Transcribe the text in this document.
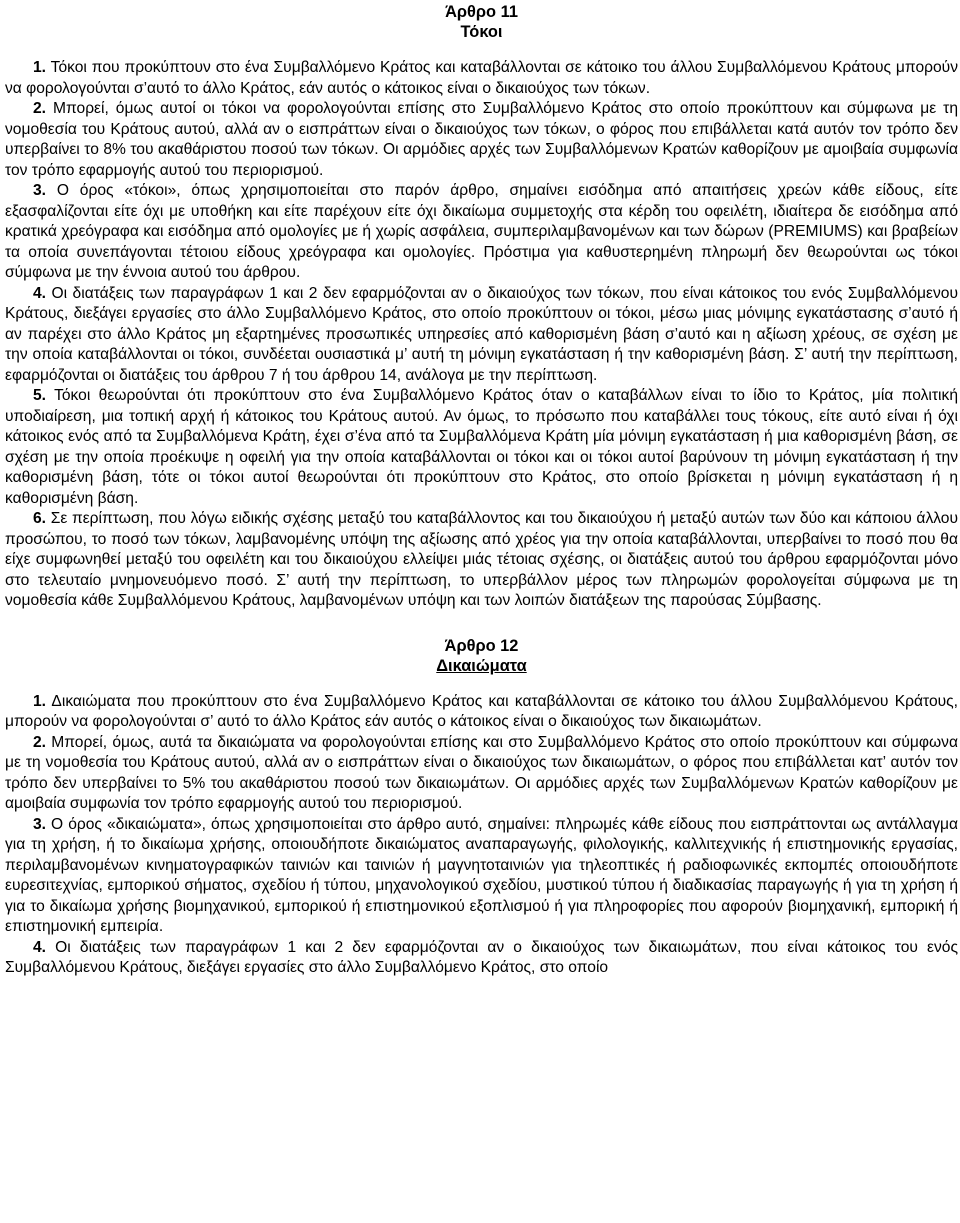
Άρθρο 11
Τόκοι

1. Τόκοι που προκύπτουν στο ένα Συμβαλλόμενο Κράτος και καταβάλλονται σε κάτοικο του άλλου Συμβαλλόμενου Κράτους μπορούν να φορολογούνται σ’αυτό το άλλο Κράτος, εάν αυτός ο κάτοικος είναι ο δικαιούχος των τόκων.

2. Μπορεί, όμως αυτοί οι τόκοι να φορολογούνται επίσης στο Συμβαλλόμενο Κράτος στο οποίο προκύπτουν και σύμφωνα με τη νομοθεσία του Κράτους αυτού, αλλά αν ο εισπράττων είναι ο δικαιούχος των τόκων, ο φόρος που επιβάλλεται κατά αυτόν τον τρόπο δεν υπερβαίνει το 8% του ακαθάριστου ποσού των τόκων. Οι αρμόδιες αρχές των Συμβαλλόμενων Κρατών καθορίζουν με αμοιβαία συμφωνία τον τρόπο εφαρμογής αυτού του περιορισμού.

3. Ο όρος «τόκοι», όπως χρησιμοποιείται στο παρόν άρθρο, σημαίνει εισόδημα από απαιτήσεις χρεών κάθε είδους, είτε εξασφαλίζονται είτε όχι με υποθήκη και είτε παρέχουν είτε όχι δικαίωμα συμμετοχής στα κέρδη του οφειλέτη, ιδιαίτερα δε εισόδημα από κρατικά χρεόγραφα και εισόδημα από ομολογίες με ή χωρίς ασφάλεια, συμπεριλαμβανομένων και των δώρων (PREMIUMS) και βραβείων τα οποία συνεπάγονται τέτοιου είδους χρεόγραφα και ομολογίες. Πρόστιμα για καθυστερημένη πληρωμή δεν θεωρούνται ως τόκοι σύμφωνα με την έννοια αυτού του άρθρου.

4. Οι διατάξεις των παραγράφων 1 και 2 δεν εφαρμόζονται αν ο δικαιούχος των τόκων, που είναι κάτοικος του ενός Συμβαλλόμενου Κράτους, διεξάγει εργασίες στο άλλο Συμβαλλόμενο Κράτος, στο οποίο προκύπτουν οι τόκοι, μέσω μιας μόνιμης εγκατάστασης σ’αυτό ή αν παρέχει στο άλλο Κράτος μη εξαρτημένες προσωπικές υπηρεσίες από καθορισμένη βάση σ’αυτό και η αξίωση χρέους, σε σχέση με την οποία καταβάλλονται οι τόκοι, συνδέεται ουσιαστικά μ’ αυτή τη μόνιμη εγκατάσταση ή την καθορισμένη βάση. Σ’ αυτή την περίπτωση, εφαρμόζονται οι διατάξεις του άρθρου 7 ή του άρθρου 14, ανάλογα με την περίπτωση.

5. Τόκοι θεωρούνται ότι προκύπτουν στο ένα Συμβαλλόμενο Κράτος όταν ο καταβάλλων είναι το ίδιο το Κράτος, μία πολιτική υποδιαίρεση, μια τοπική αρχή ή κάτοικος του Κράτους αυτού. Αν όμως, το πρόσωπο που καταβάλλει τους τόκους, είτε αυτό είναι ή όχι κάτοικος ενός από τα Συμβαλλόμενα Κράτη, έχει σ’ένα από τα Συμβαλλόμενα Κράτη μία μόνιμη εγκατάσταση ή μια καθορισμένη βάση, σε σχέση με την οποία προέκυψε η οφειλή για την οποία καταβάλλονται οι τόκοι και οι τόκοι αυτοί βαρύνουν τη μόνιμη εγκατάσταση ή την καθορισμένη βάση, τότε οι τόκοι αυτοί θεωρούνται ότι προκύπτουν στο Κράτος, στο οποίο βρίσκεται η μόνιμη εγκατάσταση ή η καθορισμένη βάση.

6. Σε περίπτωση, που λόγω ειδικής σχέσης μεταξύ του καταβάλλοντος και του δικαιούχου ή μεταξύ αυτών των δύο και κάποιου άλλου προσώπου, το ποσό των τόκων, λαμβανομένης υπόψη της αξίωσης από χρέος για την οποία καταβάλλονται, υπερβαίνει το ποσό που θα είχε συμφωνηθεί μεταξύ του οφειλέτη και του δικαιούχου ελλείψει μιάς τέτοιας σχέσης, οι διατάξεις αυτού του άρθρου εφαρμόζονται μόνο στο τελευταίο μνημονευόμενο ποσό. Σ’ αυτή την περίπτωση, το υπερβάλλον μέρος των πληρωμών φορολογείται σύμφωνα με τη νομοθεσία κάθε Συμβαλλόμενου Κράτους, λαμβανομένων υπόψη και των λοιπών διατάξεων της παρούσας Σύμβασης.

Άρθρο 12
Δικαιώματα

1. Δικαιώματα που προκύπτουν στο ένα Συμβαλλόμενο Κράτος και καταβάλλονται σε κάτοικο του άλλου Συμβαλλόμενου Κράτους, μπορούν να φορολογούνται σ’ αυτό το άλλο Κράτος εάν αυτός ο κάτοικος είναι ο δικαιούχος των δικαιωμάτων.

2. Μπορεί, όμως, αυτά τα δικαιώματα να φορολογούνται επίσης και στο Συμβαλλόμενο Κράτος στο οποίο προκύπτουν και σύμφωνα με τη νομοθεσία του Κράτους αυτού, αλλά αν ο εισπράττων είναι ο δικαιούχος των δικαιωμάτων, ο φόρος που επιβάλλεται κατ’ αυτόν τον τρόπο δεν υπερβαίνει το 5% του ακαθάριστου ποσού των δικαιωμάτων. Οι αρμόδιες αρχές των Συμβαλλόμενων Κρατών καθορίζουν με αμοιβαία συμφωνία τον τρόπο εφαρμογής αυτού του περιορισμού.

3. Ο όρος «δικαιώματα», όπως χρησιμοποιείται στο άρθρο αυτό, σημαίνει: πληρωμές κάθε είδους που εισπράττονται ως αντάλλαγμα για τη χρήση, ή το δικαίωμα χρήσης, οποιουδήποτε δικαιώματος αναπαραγωγής, φιλολογικής, καλλιτεχνικής ή επιστημονικής εργασίας, περιλαμβανομένων κινηματογραφικών ταινιών και ταινιών ή μαγνητοταινιών για τηλεοπτικές ή ραδιοφωνικές εκπομπές οποιουδήποτε ευρεσιτεχνίας, εμπορικού σήματος, σχεδίου ή τύπου, μηχανολογικού σχεδίου, μυστικού τύπου ή διαδικασίας παραγωγής ή για τη χρήση ή για το δικαίωμα χρήσης βιομηχανικού, εμπορικού ή επιστημονικού εξοπλισμού ή για πληροφορίες που αφορούν βιομηχανική, εμπορική ή επιστημονική εμπειρία.

4. Οι διατάξεις των παραγράφων 1 και 2 δεν εφαρμόζονται αν ο δικαιούχος των δικαιωμάτων, που είναι κάτοικος του ενός Συμβαλλόμενου Κράτους, διεξάγει εργασίες στο άλλο Συμβαλλόμενο Κράτος, στο οποίο
